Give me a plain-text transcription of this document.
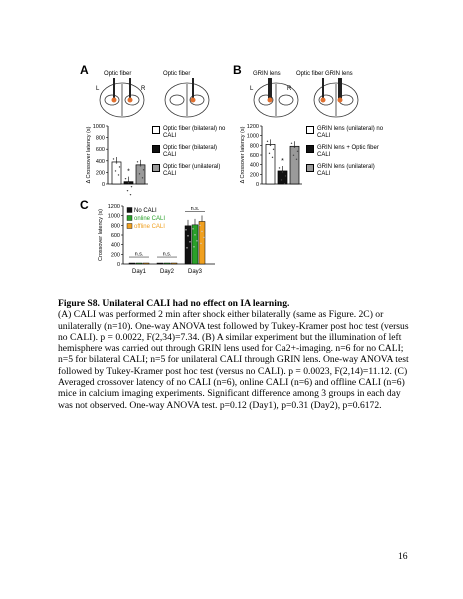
A	B
C
Optic fiber	Optic fiber
L	R
GRIN lens	Optic fiber GRIN lens
L	R
0
200
400
600
800
1000
Δ Crossover latency (s)	*
0
200
400
600
800
1000
1200
Δ Crossover latency (s)	*
Optic fiber (bilateral) no CALI
Optic fiber (bilateral) CALI
Optic fiber (unilateral) CALI
GRIN lens (unilateral) no CALI
GRIN lens + Optic fiber CALI
GRIN lens (unilateral) CALI
0
200
400
600
800
1000
1200
Crossover latency (s)
Day1
n.s.
Day2
n.s.
Day3
n.s.
No CALI
online CALI
offline CALI
Figure S8. Unilateral CALI had no effect on IA learning.
(A) CALI was performed 2 min after shock either bilaterally (same as Figure. 2C) or unilaterally (n=10). One-way ANOVA test followed by Tukey-Kramer post hoc test (versus no CALI). p = 0.0022, F(2,34)=7.34. (B) A similar experiment but the illumination of left hemisphere was carried out through GRIN lens used for Ca2+-imaging. n=6 for no CALI; n=5 for bilateral CALI; n=5 for unilateral CALI through GRIN lens. One-way ANOVA test followed by Tukey-Kramer post hoc test (versus no CALI). p = 0.0023, F(2,14)=11.12. (C) Averaged crossover latency of no CALI (n=6), online CALI (n=6) and offline CALI (n=6) mice in calcium imaging experiments. Significant difference among 3 groups in each day was not observed. One-way ANOVA test. p=0.12 (Day1), p=0.31 (Day2), p=0.6172.
16
